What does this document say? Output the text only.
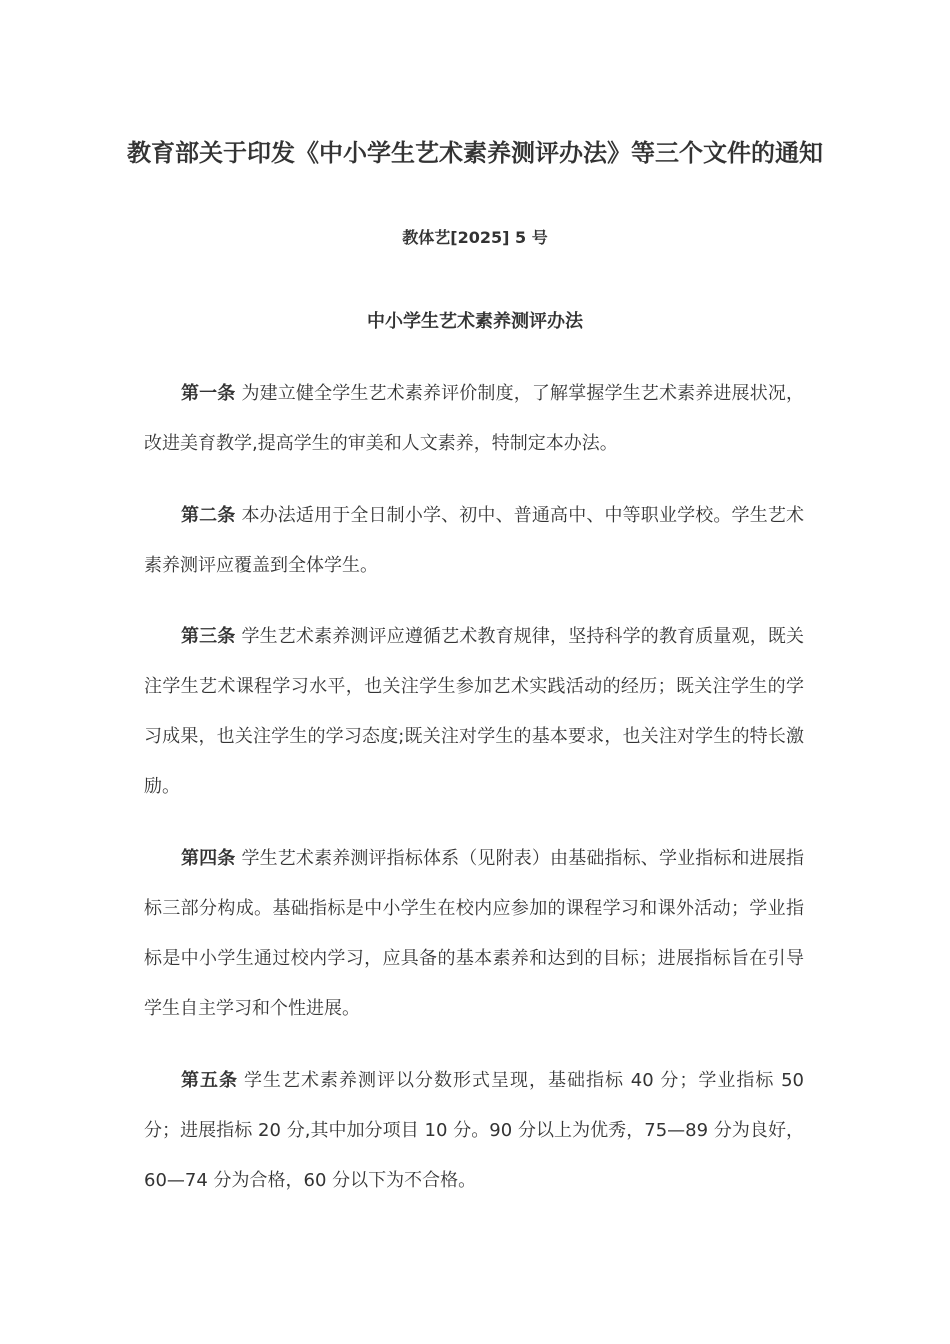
教育部关于印发《中小学生艺术素养测评办法》等三个文件的通知
教体艺[2025] 5 号
中小学生艺术素养测评办法

第一条 为建立健全学生艺术素养评价制度，了解掌握学生艺术素养进展状况，改进美育教学,提高学生的审美和人文素养，特制定本办法。

第二条 本办法适用于全日制小学、初中、普通高中、中等职业学校。学生艺术素养测评应覆盖到全体学生。

第三条 学生艺术素养测评应遵循艺术教育规律，坚持科学的教育质量观，既关注学生艺术课程学习水平，也关注学生参加艺术实践活动的经历；既关注学生的学习成果，也关注学生的学习态度;既关注对学生的基本要求，也关注对学生的特长激励。

第四条 学生艺术素养测评指标体系（见附表）由基础指标、学业指标和进展指标三部分构成。基础指标是中小学生在校内应参加的课程学习和课外活动；学业指标是中小学生通过校内学习，应具备的基本素养和达到的目标；进展指标旨在引导学生自主学习和个性进展。

第五条 学生艺术素养测评以分数形式呈现，基础指标 40 分；学业指标 50 分；进展指标 20 分,其中加分项目 10 分。90 分以上为优秀，75—89 分为良好，60—74 分为合格，60 分以下为不合格。
